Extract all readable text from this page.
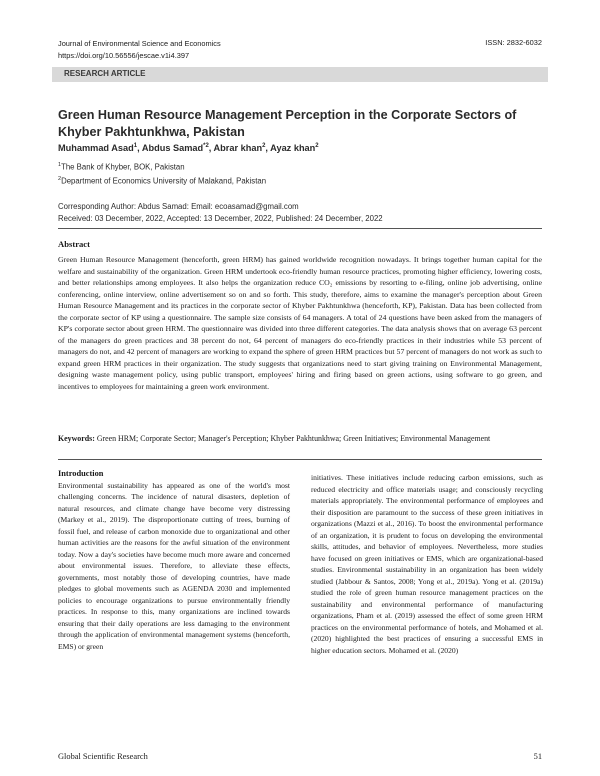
Journal of Environmental Science and Economics
https://doi.org/10.56556/jescae.v1i4.397
ISSN: 2832-6032
RESEARCH ARTICLE
Green Human Resource Management Perception in the Corporate Sectors of Khyber Pakhtunkhwa, Pakistan
Muhammad Asad$^1$, Abdus Samad$^{*2}$, Abrar khan$^2$, Ayaz khan$^2$
$^1$The Bank of Khyber, BOK, Pakistan
$^2$Department of Economics University of Malakand, Pakistan
Corresponding Author: Abdus Samad: Email: ecoasamad@gmail.com
Received: 03 December, 2022, Accepted: 13 December, 2022, Published: 24 December, 2022
Abstract

Green Human Resource Management (henceforth, green HRM) has gained worldwide recognition nowadays. It brings together human capital for the welfare and sustainability of the organization. Green HRM undertook eco-friendly human resource practices, promoting higher efficiency, lowering costs, and better relationships among employees. It also helps the organization reduce CO₂ emissions by resorting to e-filing, online job advertising, online conferencing, online interview, online advertisement so on and so forth. This study, therefore, aims to examine the manager's perception about Green Human Resource Management and its practices in the corporate sector of Khyber Pakhtunkhwa (henceforth, KP), Pakistan. Data has been collected from the corporate sector of KP using a questionnaire. The sample size consists of 64 managers. A total of 24 questions have been asked from the managers of KP's corporate sector about green HRM. The questionnaire was divided into three different categories. The data analysis shows that on average 63 percent of the managers do green practices and 38 percent do not, 64 percent of managers do eco-friendly practices in their industries while 53 percent of managers do not, and 42 percent of managers are working to expand the sphere of green HRM practices but 57 percent of managers do not work as such to expand green HRM practices in their organization. The study suggests that organizations need to start giving training on Environmental Management, designing waste management policy, using public transport, employees' hiring and firing based on green actions, using software to go green, and incentives to employees for maintaining a green work environment.

Keywords: Green HRM; Corporate Sector; Manager's Perception; Khyber Pakhtunkhwa; Green Initiatives; Environmental Management

Introduction

Environmental sustainability has appeared as one of the world's most challenging concerns. The incidence of natural disasters, depletion of natural resources, and climate change have become very distressing (Markey et al., 2019). The disproportionate cutting of trees, burning of fossil fuel, and release of carbon monoxide due to organizational and other human activities are the reasons for the awful situation of the environment today. Now a day's societies have become much more aware and concerned about environmental issues. Therefore, to alleviate these effects, governments, most notably those of developing countries, have made pledges to global movements such as AGENDA 2030 and implemented policies to encourage organizations to pursue environmentally friendly practices. In response to this, many organizations are inclined towards ensuring that their daily operations are less damaging to the environment through the application of environmental management systems (henceforth, EMS) or green

initiatives. These initiatives include reducing carbon emissions, such as reduced electricity and office materials usage; and consciously recycling materials appropriately. The environmental performance of employees and their disposition are paramount to the success of these green initiatives in organizations (Mazzi et al., 2016). To boost the environmental performance of an organization, it is prudent to focus on developing the environmental skills, attitudes, and behavior of employees. Nevertheless, more studies have focused on green initiatives or EMS, which are organizational-based studies. Environmental sustainability in an organization has been widely studied (Jabbour & Santos, 2008; Yong et al., 2019a). Yong et al. (2019a) studied the role of green human resource management practices on the sustainability and environmental performance of manufacturing organizations, Pham et al. (2019) assessed the effect of some green HRM practices on the environmental performance of hotels, and Mohamed et al. (2020) highlighted the best practices of ensuring a successful EMS in higher education sectors. Mohamed et al. (2020)

Global Scientific Research	51
